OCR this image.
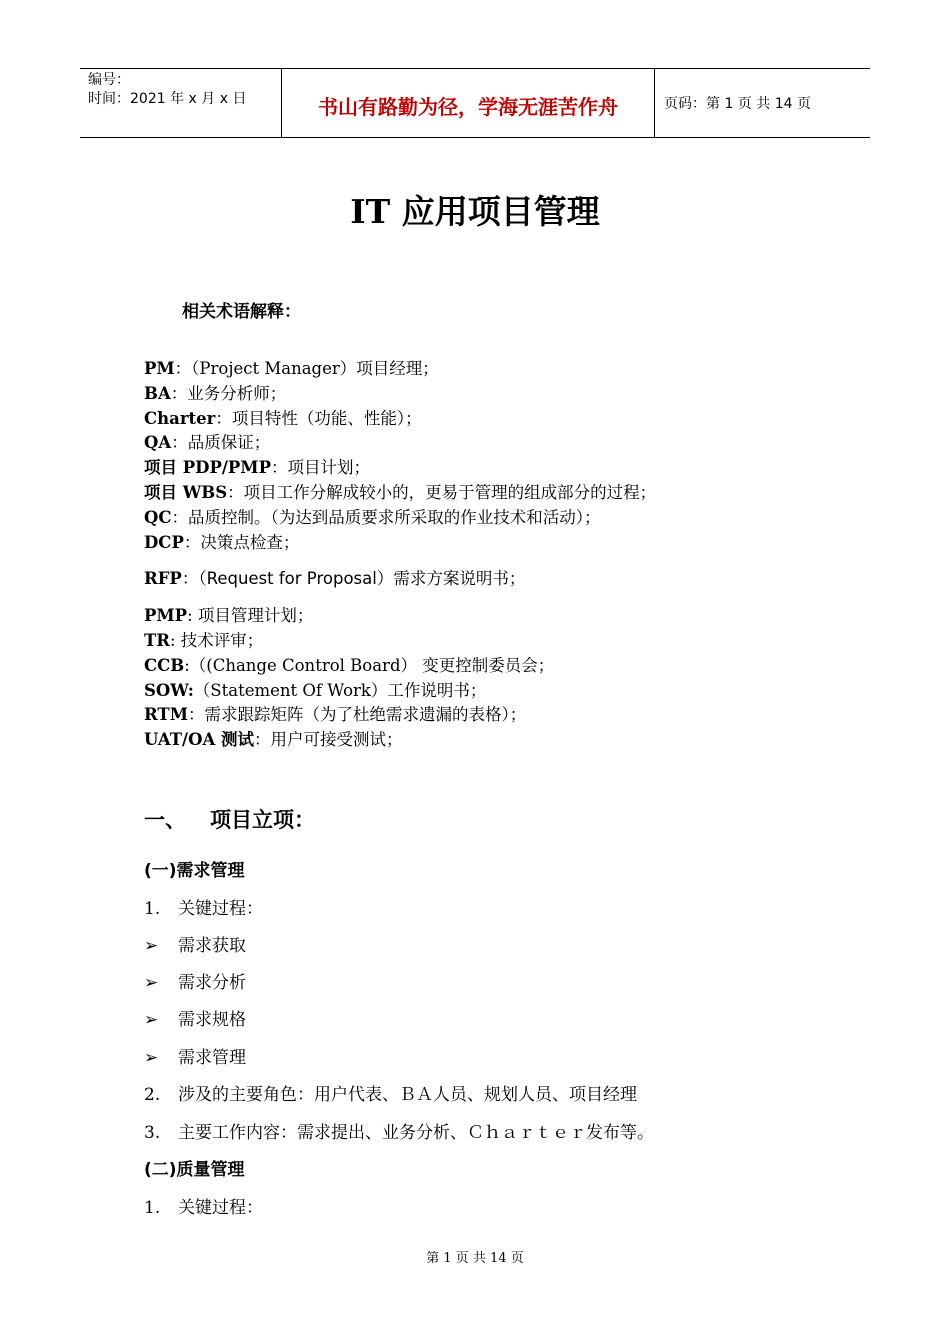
编号：
时间：2021 年 x 月 x 日	书山有路勤为径，学海无涯苦作舟	页码：第 1 页 共 14 页
IT 应用项目管理
相关术语解释：
PM：（Project Manager）项目经理；
BA：业务分析师；
Charter：项目特性（功能、性能）；
QA：品质保证；
项目 PDP/PMP：项目计划；
项目 WBS：项目工作分解成较小的，更易于管理的组成部分的过程；
QC：品质控制。（为达到品质要求所采取的作业技术和活动）；
DCP：决策点检查；
RFP：（Request for Proposal）需求方案说明书；
PMP: 项目管理计划；
TR: 技术评审；
CCB:（(Change Control Board） 变更控制委员会；
SOW:（Statement Of Work）工作说明书；
RTM：需求跟踪矩阵（为了杜绝需求遗漏的表格）；
UAT/OA 测试：用户可接受测试；
一、 项目立项：
(一)需求管理
1. 关键过程：
➢ 需求获取
➢ 需求分析
➢ 需求规格
➢ 需求管理
2. 涉及的主要角色：用户代表、ＢＡ人员、规划人员、项目经理
3. 主要工作内容：需求提出、业务分析、Ｃｈａｒｔｅｒ发布等。
(二)质量管理
1. 关键过程：
第 1 页 共 14 页
